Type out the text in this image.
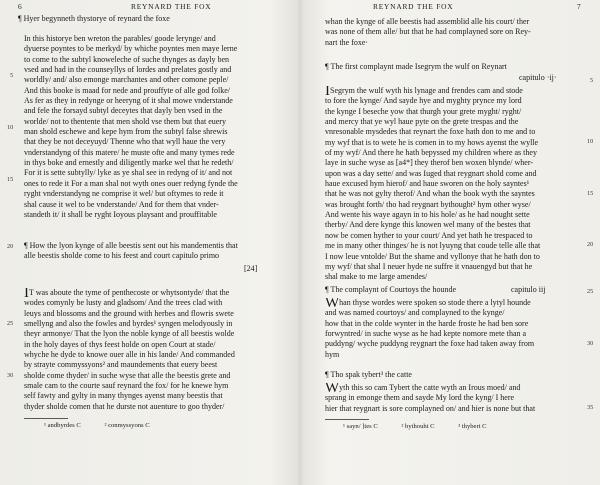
6	REYNARD THE FOX

¶ Hyer begynneth thystorye of reynard the foxe

In this historye ben wreton the parables/ goode lerynge/ and

dyuerse poyntes to be merkyd/ by whiche poyntes men maye lerne

to come to the subtyl knoweleche of suche thynges as dayly ben

vsed and had in the counseyllys of lordes and prelates gostly and

worldly/ and/ also emonge marchantes and other comone peple/

And this booke is maad for nede and prouffyte of alle god folke/

As fer as they in redynge or heeryng of it shal mowe vnderstande

and fele the forsayd subtyl deceytes that dayly ben vsed in the

worlde/ not to thentente that men shold vse them but that euery

man shold eschewe and kepe hym from the subtyl false shrewis

that they be not deceyuyd/ Thenne who that wyll haue the very

vnderstandyng of this matere/ he muste ofte and many tymes rede

in thys boke and ernestly and diligently marke wel that he redeth/

For it is sette subtylly/ lyke as ye shal see in redyng of it/ and not

ones to rede it For a man shal not wyth ones ouer redyng fynde the

ryght vnderstandyng ne comprise it wel/ but oftymes to rede it

shal cause it wel to be vnderstande/ And for them that vnder-

standeth it/ it shall be ryght Ioyous playsant and prouffitable

¶ How the lyon kynge of alle beestis sent out his mandementis that

alle beestis sholde come to his feest and court capitulo primo

[24]

IT was aboute the tyme of penthecoste or whytsontyde/ that the

wodes comynly be lusty and gladsom/ And the trees clad with

leuys and blossoms and the ground with herbes and flowris swete

smellyng and also the fowles and byrdes¹ syngen melodyously in

theyr armonye/ That the lyon the noble kynge of all beestis wolde

in the holy dayes of thys feest holde on open Court at stade/

whyche he dyde to knowe ouer alle in his lande/ And commanded

by strayte commyssyons² and maundements that euery beest

sholde come thyder/ in suche wyse that alle the beestis grete and

smale cam to the courte sauf reynard the fox/ for he knewe hym

self fawty and gylty in many thynges ayenst many beestis that

thyder sholde comen that he durste not auenture to goo thyder/

5
10
15
20
25
30
¹ andbyrdes C	² conmyssyons C
REYNARD THE FOX	7

whan the kynge of alle beestis had assemblid alle his court/ ther

was none of them alle/ but that he had complayned sore on Rey-

nart the foxe·

¶ The first complaynt made Isegrym the wulf on Reynart

capitulo ·ij·

ISegrym the wulf wyth his lynage and frendes cam and stode

to fore the kynge/ And sayde hye and myghty prynce my lord

the kynge I beseche yow that thurgh your grete myght/ ryght/

and mercy that ye wyl haue pyte on the grete trespas and the

vnresonable mysdedes that reynart the foxe hath don to me and to

my wyf that is to wete he is comen in to my hows ayenst the wylle

of my wyf/ And there he hath bepyssed my children where as they

laye in suche wyse as [a4*] they therof ben woxen blynde/ wher-

upon was a day sette/ and was Iuged that reygnart shold come and

haue excused hym hierof/ and haue sworen on the holy sayntes¹

that he was not gylty therof/ And whan the book wyth the sayntes

was brought forth/ tho had reygnart bythought² hym other wyse/

And wente his waye agayn in to his hole/ as he had nought sette

therby/ And dere kynge this knowen wel many of the bestes that

now be comen hyther to your court/ And yet hath he trespaced to

me in many other thinges/ he is not lyuyng that coude telle alle that

I now leue vntolde/ But the shame and vyllonye that he hath don to

my wyf/ that shal I neuer hyde ne suffre it vnauengyd but that he

shal make to me large amendes/

¶ The complaynt of Courtoys the hounde	capitulo iij

Whan thyse wordes were spoken so stode there a lytyl hounde

and was named courtoys/ and complayned to the kynge/

how that in the colde wynter in the harde froste he had ben sore

forwyntred/ in suche wyse as he had kepte nomore mete than a

puddyng/ wyche puddyng reygnart the foxe had taken away from

hym

¶ Tho spak tybert³ the catte

Wyth this so cam Tybert the catte wyth an Irous moed/ and

sprang in emonge them and sayde My lord the kyng/ I here

hier that reygnart is sore complayned on/ and hier is none but that

5
10
15
20
25
30
35
¹ sayn/ ]tes C	² bythouht C	³ thybert C
